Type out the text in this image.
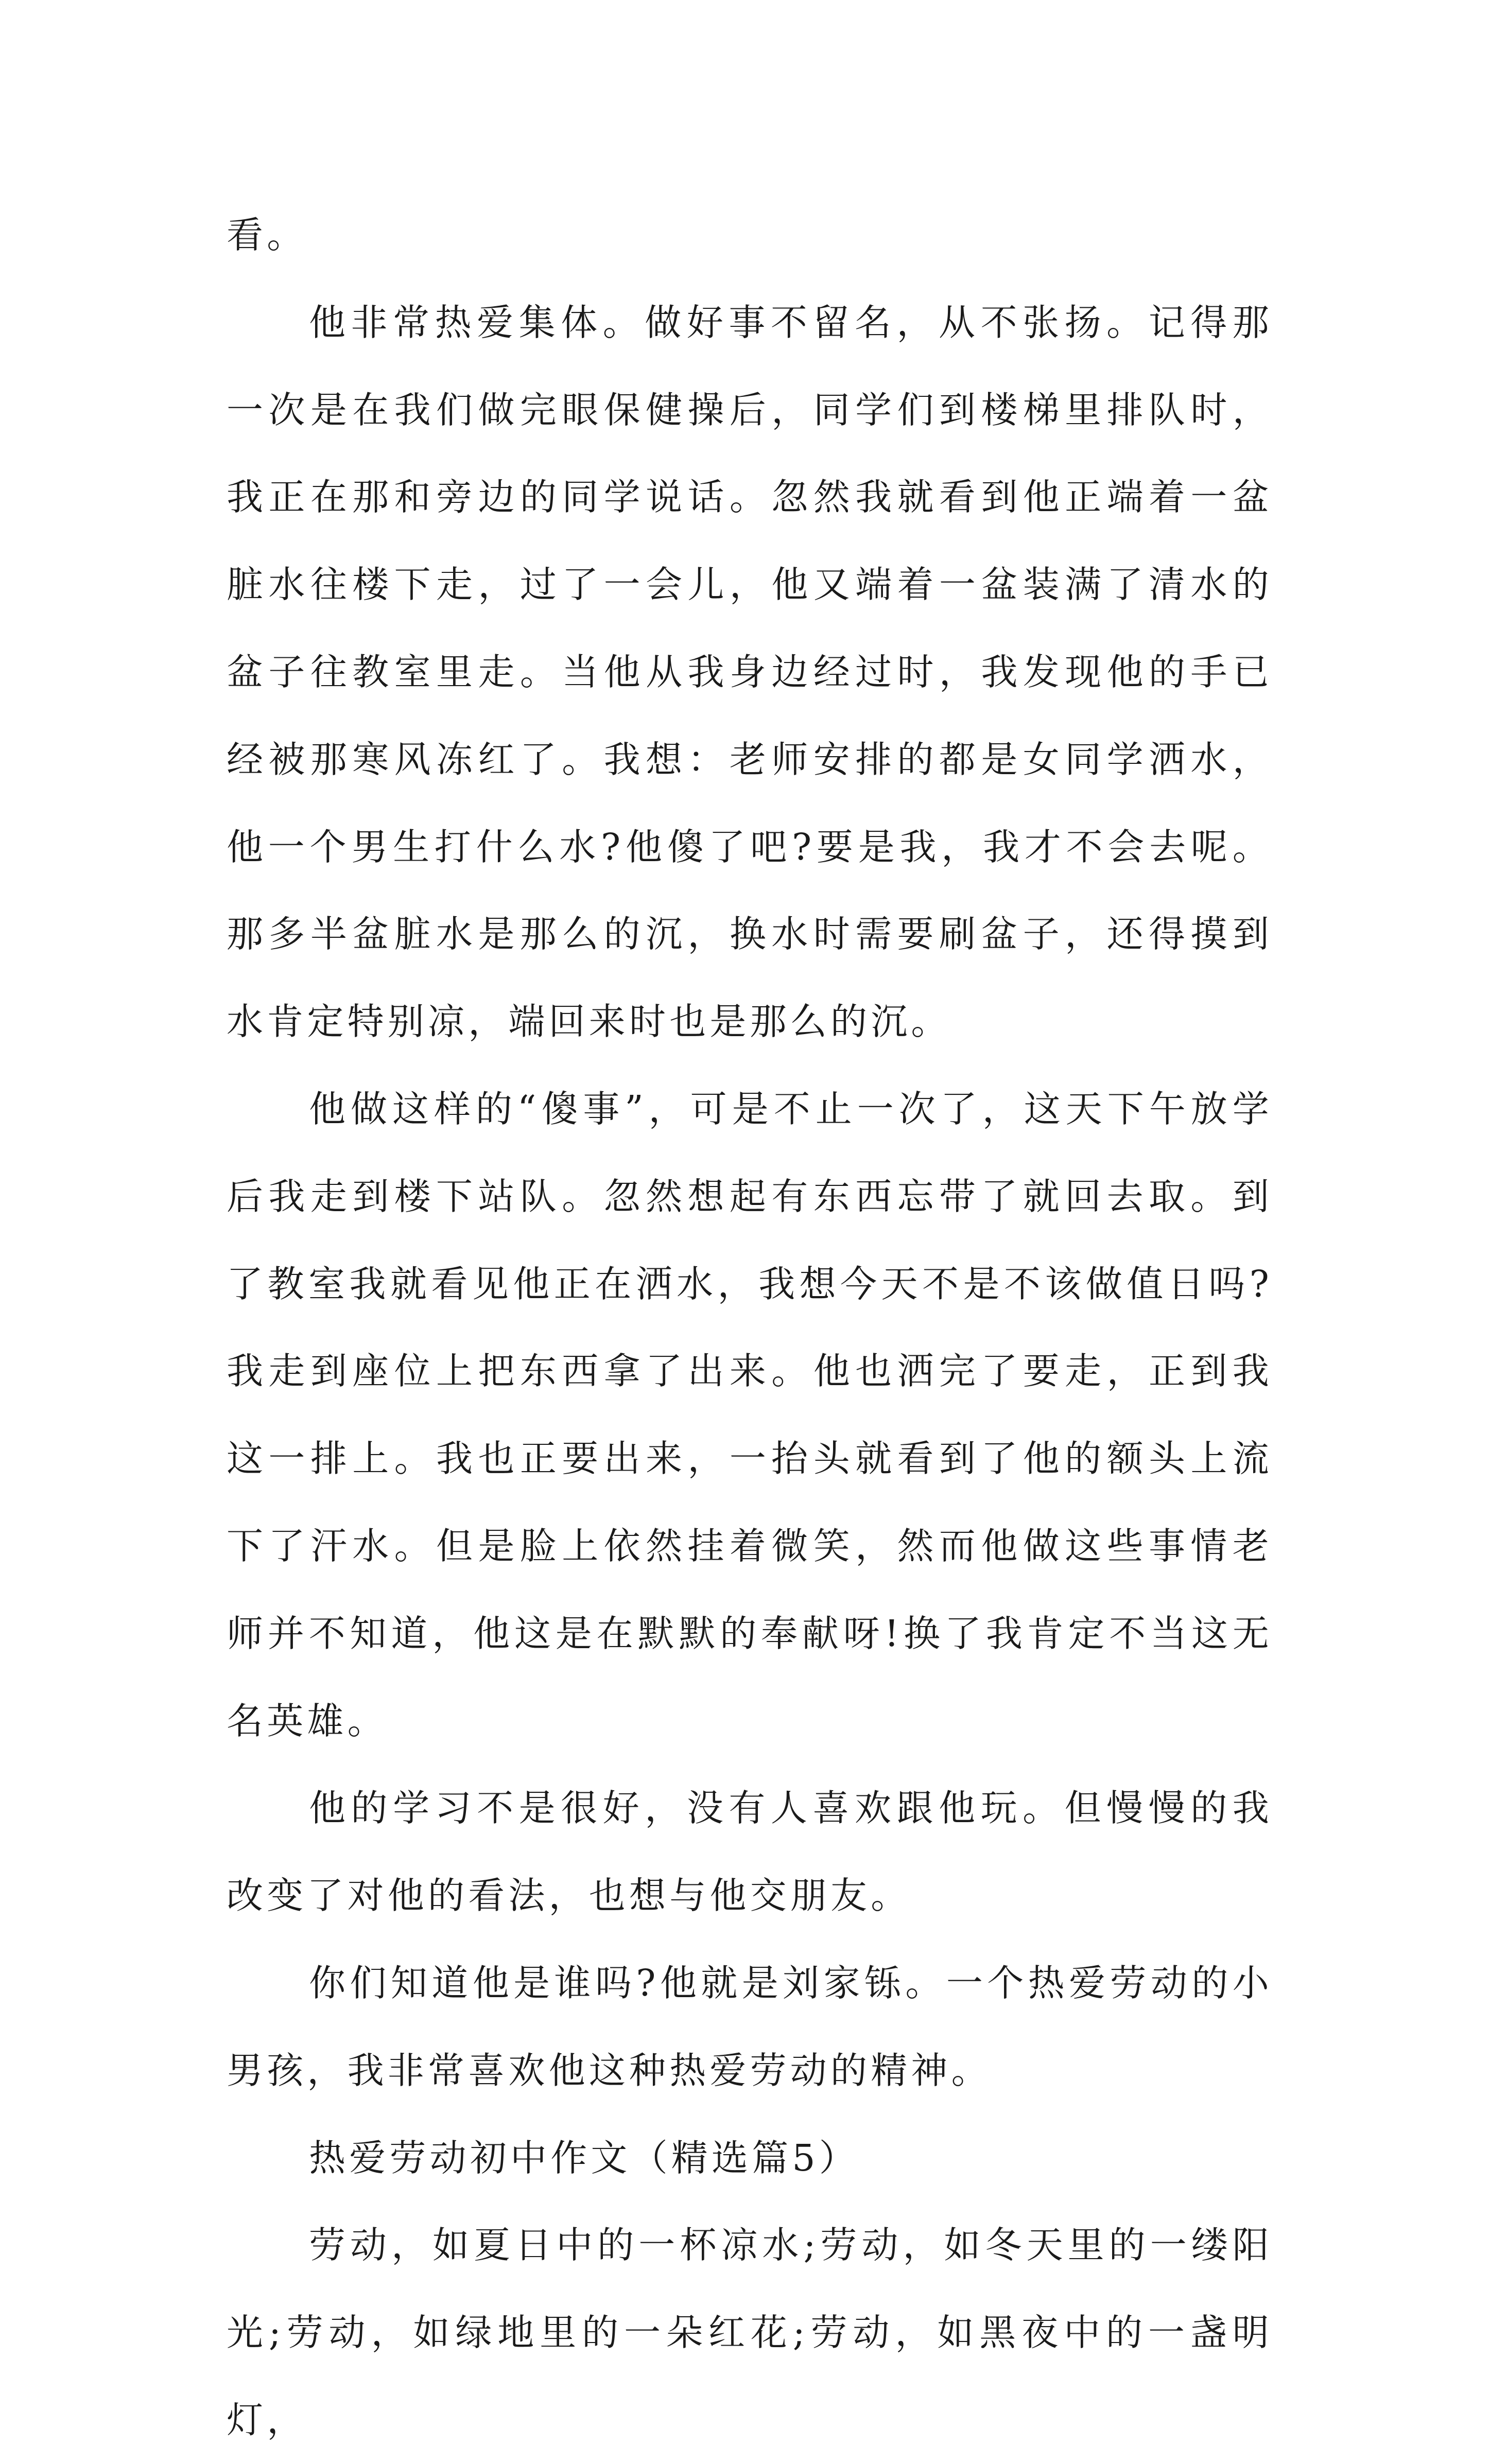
看。

他非常热爱集体。做好事不留名，从不张扬。记得那一次是在我们做完眼保健操后，同学们到楼梯里排队时，我正在那和旁边的同学说话。忽然我就看到他正端着一盆脏水往楼下走，过了一会儿，他又端着一盆装满了清水的盆子往教室里走。当他从我身边经过时，我发现他的手已经被那寒风冻红了。我想：老师安排的都是女同学洒水，他一个男生打什么水?他傻了吧?要是我，我才不会去呢。那多半盆脏水是那么的沉，换水时需要刷盆子，还得摸到水肯定特别凉，端回来时也是那么的沉。

他做这样的“傻事”，可是不止一次了，这天下午放学后我走到楼下站队。忽然想起有东西忘带了就回去取。到了教室我就看见他正在洒水，我想今天不是不该做值日吗?我走到座位上把东西拿了出来。他也洒完了要走，正到我这一排上。我也正要出来，一抬头就看到了他的额头上流下了汗水。但是脸上依然挂着微笑，然而他做这些事情老师并不知道，他这是在默默的奉献呀!换了我肯定不当这无名英雄。

他的学习不是很好，没有人喜欢跟他玩。但慢慢的我改变了对他的看法，也想与他交朋友。

你们知道他是谁吗?他就是刘家铄。一个热爱劳动的小男孩，我非常喜欢他这种热爱劳动的精神。

热爱劳动初中作文（精选篇5）

劳动，如夏日中的一杯凉水;劳动，如冬天里的一缕阳光;劳动，如绿地里的一朵红花;劳动，如黑夜中的一盏明灯，
